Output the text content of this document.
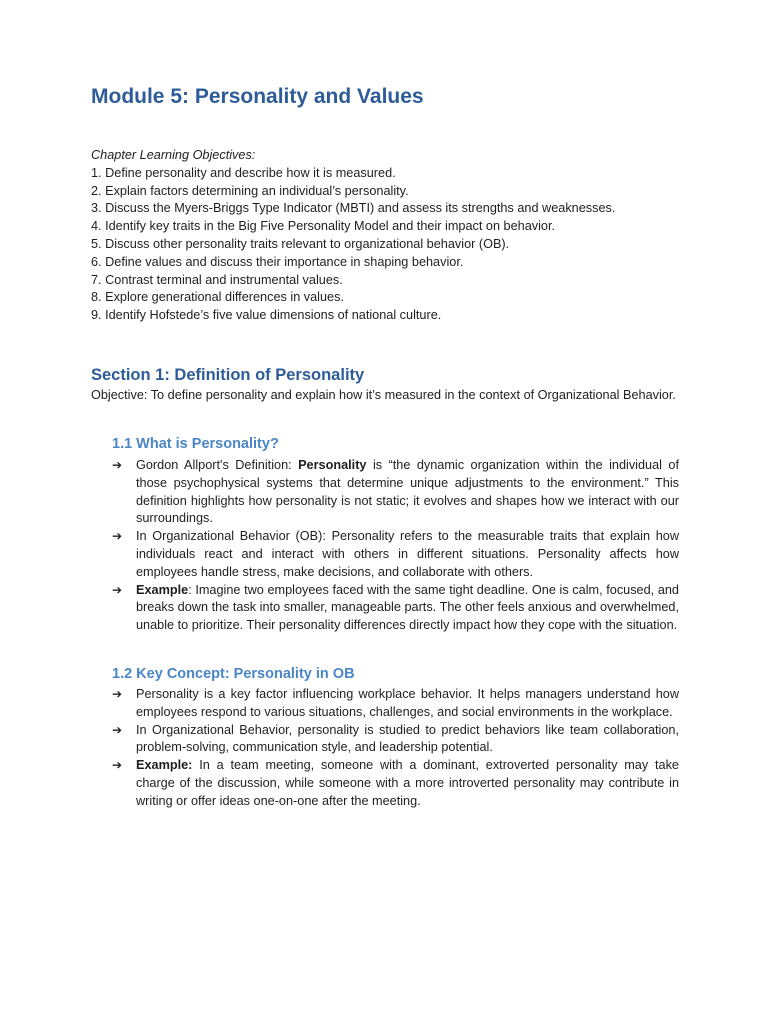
Module 5: Personality and Values
Chapter Learning Objectives:
1. Define personality and describe how it is measured.
2. Explain factors determining an individual’s personality.
3. Discuss the Myers-Briggs Type Indicator (MBTI) and assess its strengths and weaknesses.
4. Identify key traits in the Big Five Personality Model and their impact on behavior.
5. Discuss other personality traits relevant to organizational behavior (OB).
6. Define values and discuss their importance in shaping behavior.
7. Contrast terminal and instrumental values.
8. Explore generational differences in values.
9. Identify Hofstede’s five value dimensions of national culture.
Section 1: Definition of Personality

Objective: To define personality and explain how it’s measured in the context of Organizational Behavior.

1.1 What is Personality?
➔ Gordon Allport's Definition: Personality is “the dynamic organization within the individual of those psychophysical systems that determine unique adjustments to the environment.” This definition highlights how personality is not static; it evolves and shapes how we interact with our surroundings.
➔ In Organizational Behavior (OB): Personality refers to the measurable traits that explain how individuals react and interact with others in different situations. Personality affects how employees handle stress, make decisions, and collaborate with others.
➔ Example: Imagine two employees faced with the same tight deadline. One is calm, focused, and breaks down the task into smaller, manageable parts. The other feels anxious and overwhelmed, unable to prioritize. Their personality differences directly impact how they cope with the situation.
1.2 Key Concept: Personality in OB
➔ Personality is a key factor influencing workplace behavior. It helps managers understand how employees respond to various situations, challenges, and social environments in the workplace.
➔ In Organizational Behavior, personality is studied to predict behaviors like team collaboration, problem-solving, communication style, and leadership potential.
➔ Example: In a team meeting, someone with a dominant, extroverted personality may take charge of the discussion, while someone with a more introverted personality may contribute in writing or offer ideas one-on-one after the meeting.
